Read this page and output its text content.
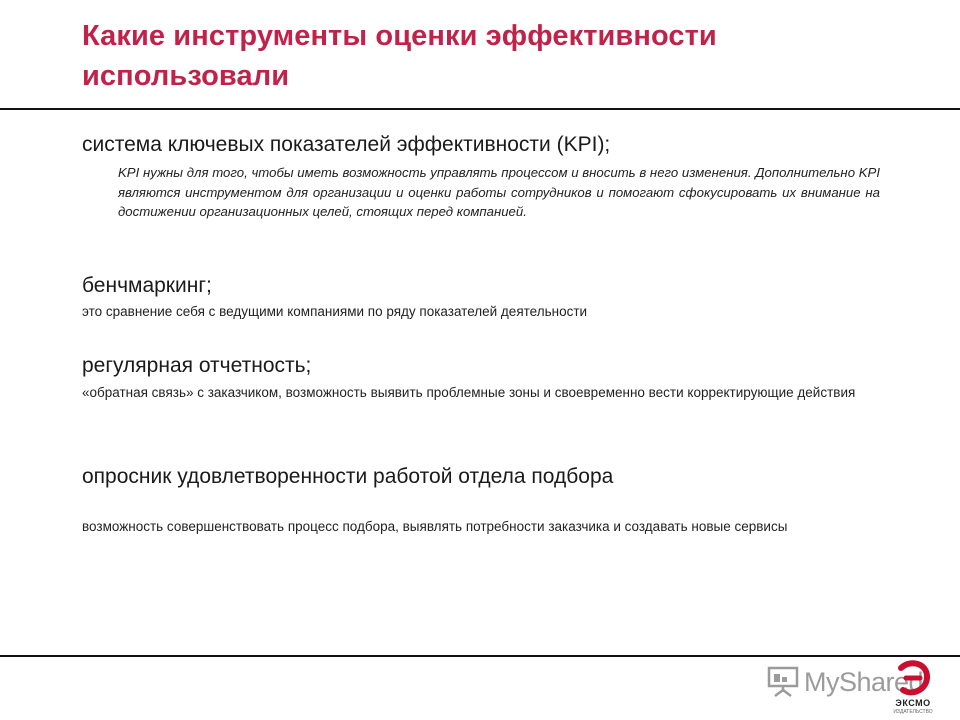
Какие инструменты оценки эффективности использовали
система ключевых показателей эффективности (KPI);

KPI нужны для того, чтобы иметь возможность управлять процессом и вносить в него изменения. Дополнительно KPI являются инструментом для организации и оценки работы сотрудников и помогают сфокусировать их внимание на достижении организационных целей, стоящих перед компанией.

бенчмаркинг;

это сравнение себя с ведущими компаниями по ряду показателей деятельности

регулярная отчетность;

«обратная связь» с заказчиком, возможность выявить проблемные зоны и своевременно вести корректирующие действия

опросник удовлетворенности работой отдела подбора

возможность совершенствовать процесс подбора, выявлять потребности заказчика и создавать новые сервисы

MyShared
ЭКСМО
ИЗДАТЕЛЬСТВО
